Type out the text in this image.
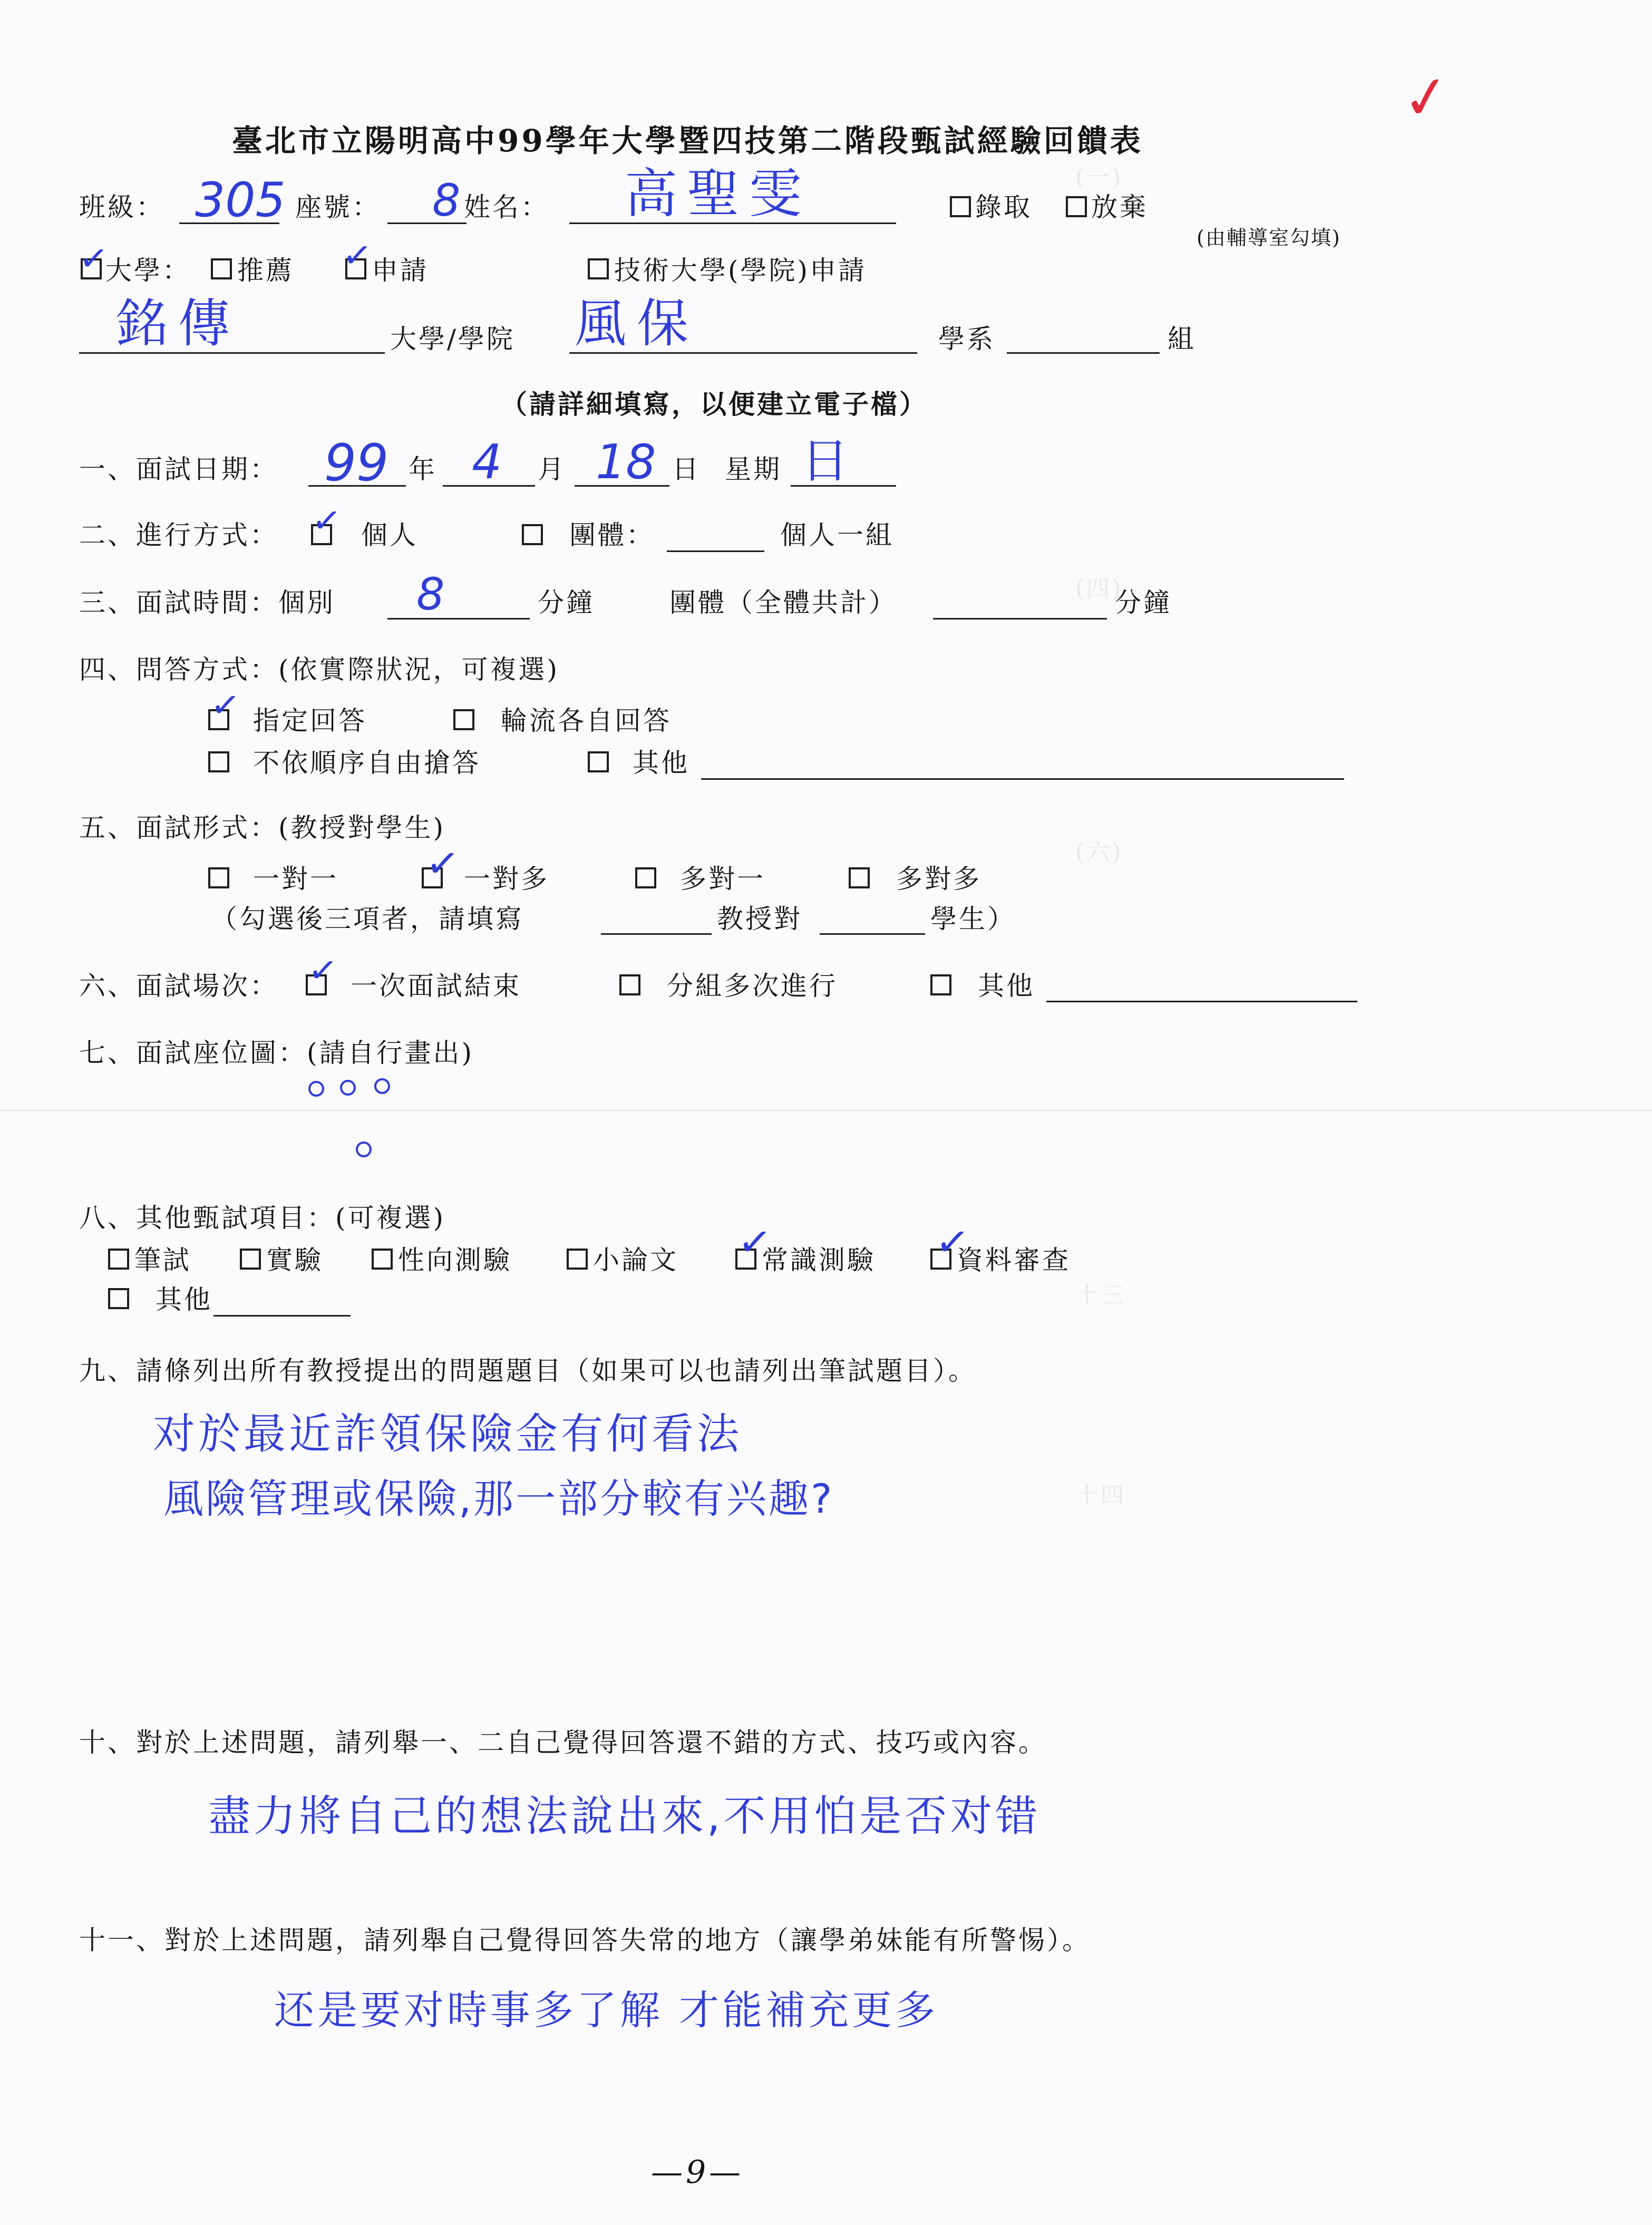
(一)
(四)
(六)
十三
十四
臺北市立陽明高中99學年大學暨四技第二階段甄試經驗回饋表
✓
班級： 305 座號： 8 姓名： 高聖雯	錄取 放棄
(由輔導室勾填)
✓
大學： 推薦 ✓
申請	技術大學(學院)申請
銘傳	大學/學院 風保	學系	組
（請詳細填寫，以便建立電子檔）
一、面試日期： 99 年 4 月 18 日 星期 日
二、進行方式： ✓ 個人	團體：	個人一組
三、面試時間：個別 8	分鐘	團體（全體共計）	分鐘
四、問答方式：(依實際狀況，可複選)
✓ 指定回答	輪流各自回答
不依順序自由搶答	其他
五、面試形式：(教授對學生)
一對一 ✓ 一對多	多對一	多對多
（勾選後三項者，請填寫	教授對	學生）
六、面試場次： ✓ 一次面試結束	分組多次進行	其他
七、面試座位圖：(請自行畫出)
八、其他甄試項目：(可複選)
筆試	實驗	性向測驗	小論文 ✓
常識測驗 ✓
資料審查
其他
九、請條列出所有教授提出的問題題目（如果可以也請列出筆試題目）。
对於最近詐領保險金有何看法
風險管理或保險,那一部分較有兴趣?
十、對於上述問題，請列舉一、二自己覺得回答還不錯的方式、技巧或內容。
盡力將自己的想法說出來,不用怕是否对错
十一、對於上述問題，請列舉自己覺得回答失常的地方（讓學弟妹能有所警惕）。
还是要对時事多了解 才能補充更多
—9—
